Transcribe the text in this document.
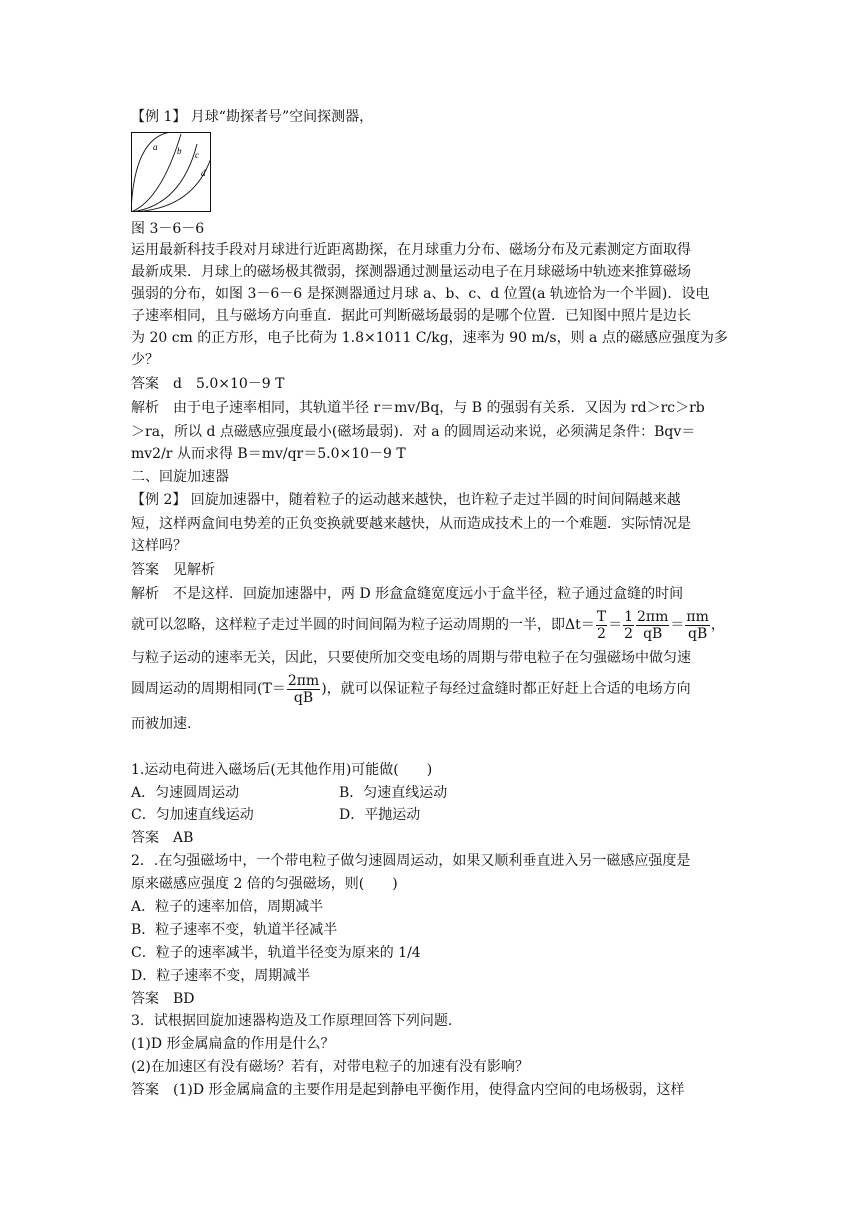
【例 1】 月球“勘探者号”空间探测器，
a b c
d
图 3－6－6
运用最新科技手段对月球进行近距离勘探，在月球重力分布、磁场分布及元素测定方面取得
最新成果．月球上的磁场极其微弱，探测器通过测量运动电子在月球磁场中轨迹来推算磁场
强弱的分布，如图 3－6－6 是探测器通过月球 a、b、c、d 位置(a 轨迹恰为一个半圆)．设电
子速率相同，且与磁场方向垂直．据此可判断磁场最弱的是哪个位置．已知图中照片是边长
为 20 cm 的正方形，电子比荷为 1.8×1011 C/kg，速率为 90 m/s，则 a 点的磁感应强度为多
少？
答案　d　5.0×10－9 T
解析　由于电子速率相同，其轨道半径 r＝mv/Bq，与 B 的强弱有关系．又因为 rd＞rc＞rb
＞ra，所以 d 点磁感应强度最小(磁场最弱)．对 a 的圆周运动来说，必须满足条件：Bqv＝
mv2/r 从而求得 B＝mv/qr＝5.0×10－9 T
二、回旋加速器
【例 2】 回旋加速器中，随着粒子的运动越来越快，也许粒子走过半圆的时间间隔越来越
短，这样两盒间电势差的正负变换就要越来越快，从而造成技术上的一个难题．实际情况是
这样吗？
答案　见解析
解析　不是这样．回旋加速器中，两 D 形盒盒缝宽度远小于盒半径，粒子通过盒缝的时间
就可以忽略，这样粒子走过半圆的时间间隔为粒子运动周期的一半，即$\Delta t= \frac{T}{2} = \frac{1}{2} \frac{2\pi m}{qB} = \frac{\pi m}{qB}$ ，
与粒子运动的速率无关，因此，只要使所加交变电场的周期与带电粒子在匀强磁场中做匀速
圆周运动的周期相同($T= \frac{2\pi m}{qB}$ )，就可以保证粒子每经过盒缝时都正好赶上合适的电场方向
而被加速.
1.运动电荷进入磁场后(无其他作用)可能做(　　)
A．匀速圆周运动	B．匀速直线运动
C．匀加速直线运动	D．平抛运动
答案　AB
2．.在匀强磁场中，一个带电粒子做匀速圆周运动，如果又顺利垂直进入另一磁感应强度是
原来磁感应强度 2 倍的匀强磁场，则(　　)
A．粒子的速率加倍，周期减半
B．粒子速率不变，轨道半径减半
C．粒子的速率减半，轨道半径变为原来的 1/4
D．粒子速率不变，周期减半
答案　BD
3．试根据回旋加速器构造及工作原理回答下列问题.
(1)D 形金属扁盒的作用是什么？
(2)在加速区有没有磁场？若有，对带电粒子的加速有没有影响？
答案　(1)D 形金属扁盒的主要作用是起到静电平衡作用，使得盒内空间的电场极弱，这样
